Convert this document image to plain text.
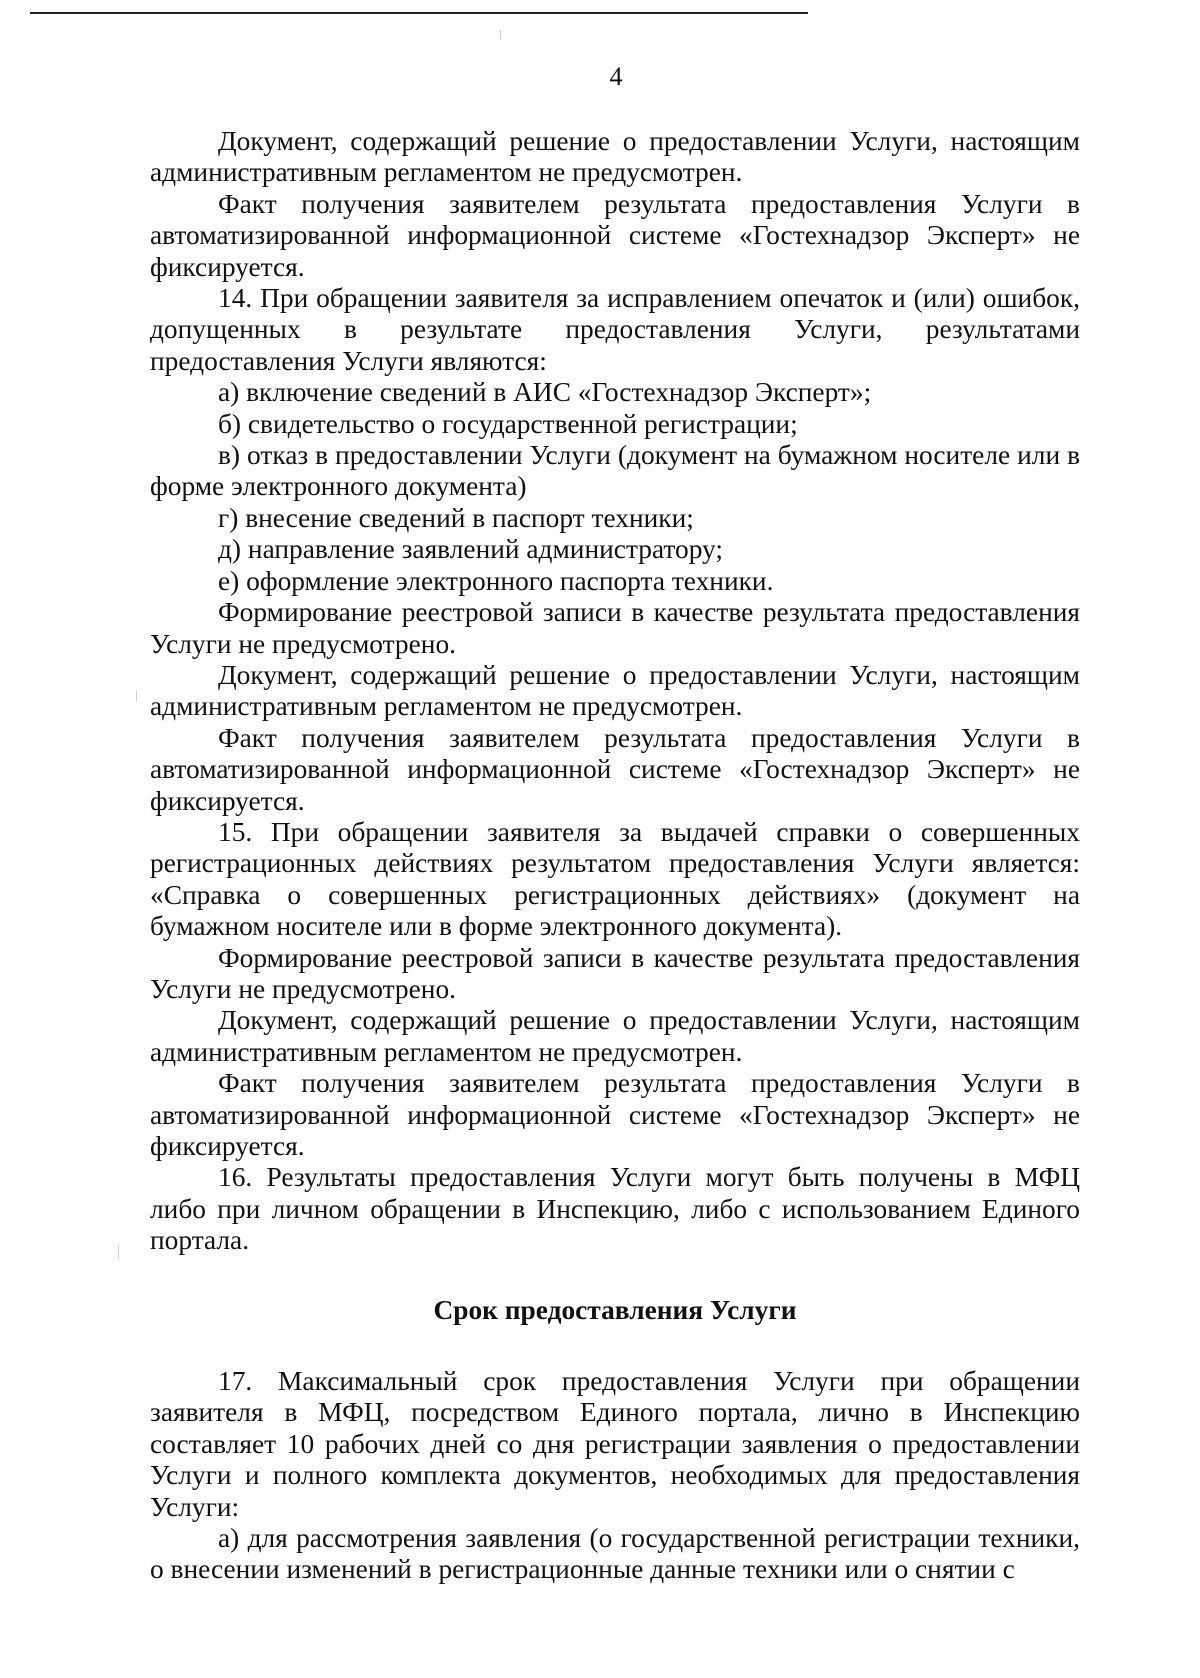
4

Документ, содержащий решение о предоставлении Услуги, настоящим административным регламентом не предусмотрен.

Факт получения заявителем результата предоставления Услуги в автоматизированной информационной системе «Гостехнадзор Эксперт» не фиксируется.

14. При обращении заявителя за исправлением опечаток и (или) ошибок, допущенных в результате предоставления Услуги, результатами предоставления Услуги являются:

а) включение сведений в АИС «Гостехнадзор Эксперт»;

б) свидетельство о государственной регистрации;

в) отказ в предоставлении Услуги (документ на бумажном носителе или в форме электронного документа)

г) внесение сведений в паспорт техники;

д) направление заявлений администратору;

е) оформление электронного паспорта техники.

Формирование реестровой записи в качестве результата предоставления Услуги не предусмотрено.

Документ, содержащий решение о предоставлении Услуги, настоящим административным регламентом не предусмотрен.

Факт получения заявителем результата предоставления Услуги в автоматизированной информационной системе «Гостехнадзор Эксперт» не фиксируется.

15. При обращении заявителя за выдачей справки о совершенных регистрационных действиях результатом предоставления Услуги является: «Справка о совершенных регистрационных действиях» (документ на бумажном носителе или в форме электронного документа).

Формирование реестровой записи в качестве результата предоставления Услуги не предусмотрено.

Документ, содержащий решение о предоставлении Услуги, настоящим административным регламентом не предусмотрен.

Факт получения заявителем результата предоставления Услуги в автоматизированной информационной системе «Гостехнадзор Эксперт» не фиксируется.

16. Результаты предоставления Услуги могут быть получены в МФЦ либо при личном обращении в Инспекцию, либо с использованием Единого портала.

Срок предоставления Услуги

17. Максимальный срок предоставления Услуги при обращении заявителя в МФЦ, посредством Единого портала, лично в Инспекцию составляет 10 рабочих дней со дня регистрации заявления о предоставлении Услуги и полного комплекта документов, необходимых для предоставления Услуги:

а) для рассмотрения заявления (о государственной регистрации техники, о внесении изменений в регистрационные данные техники или о снятии с
